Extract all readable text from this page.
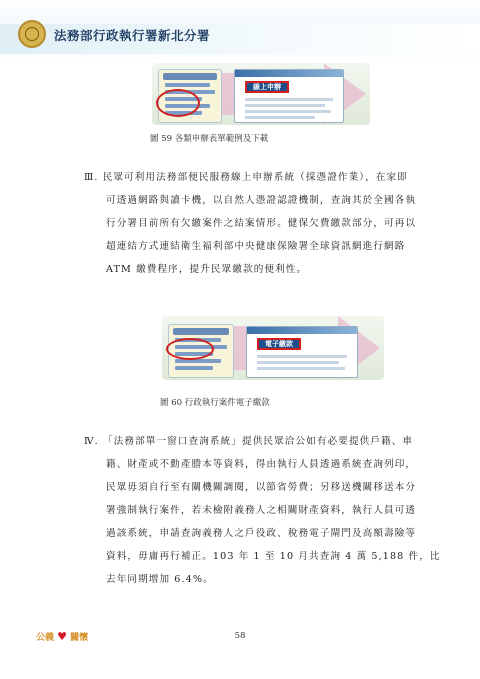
法務部行政執行署新北分署
線上申辦
圖 59 各類申辦表單範例及下載
Ⅲ. 民眾可利用法務部便民服務線上申辦系統（採憑證作業），在家即
可透過網路與讀卡機，以自然人憑證認證機制，查詢其於全國各執
行分署目前所有欠繳案件之結案情形。健保欠費繳款部分，可再以
超連結方式連結衛生福利部中央健康保險署全球資訊網進行網路
ATM 繳費程序，提升民眾繳款的便利性。
電子繳款
圖 60 行政執行案件電子繳款
Ⅳ. 「法務部單一窗口查詢系統」提供民眾洽公如有必要提供戶籍、車
籍、財產或不動產謄本等資料，得由執行人員透過系統查詢列印，
民眾毋須自行至有關機關調閱，以節省勞費；另移送機關移送本分
署強制執行案件，若未檢附義務人之相關財產資料，執行人員可透
過該系統，申請查詢義務人之戶役政、稅務電子閘門及高額壽險等
資料，毋庸再行補正。103 年 1 至 10 月共查詢 4 萬 5,188 件，比
去年同期增加 6.4%。
公義 ♥ 關懷	58
